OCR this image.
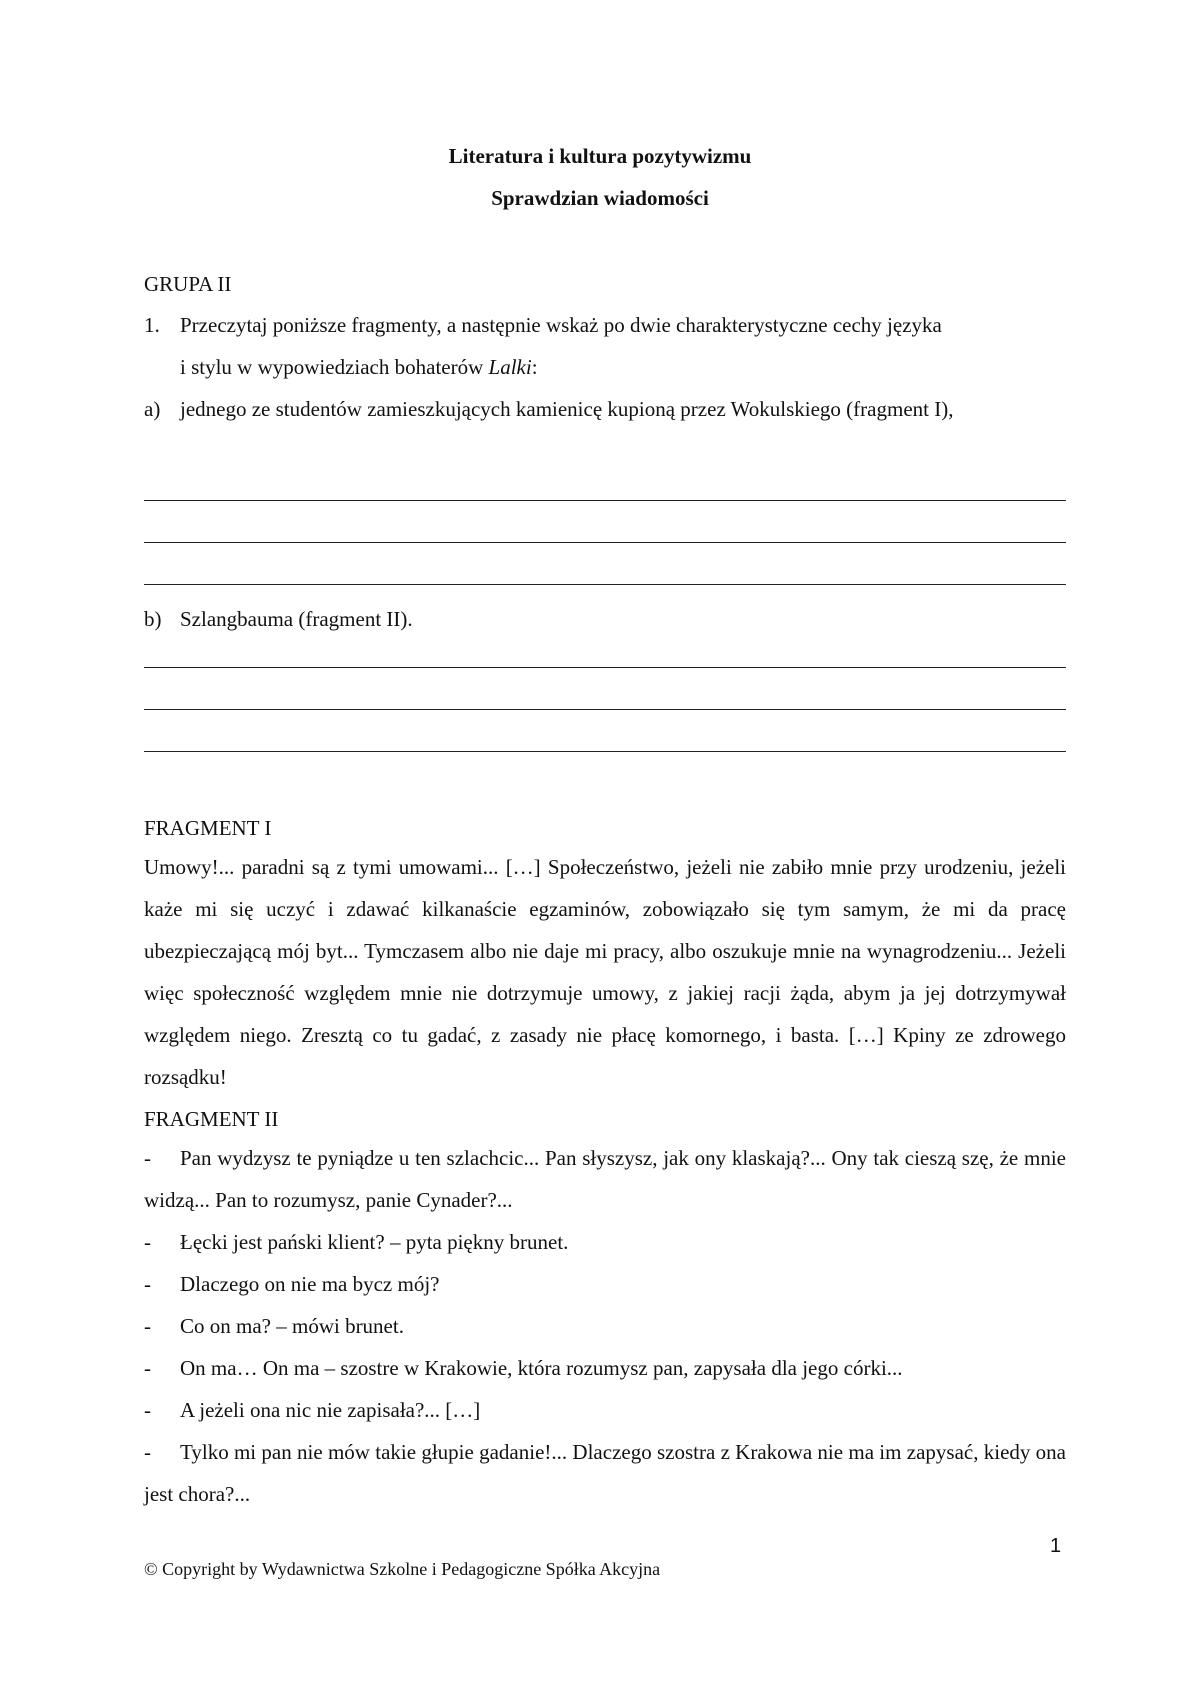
Literatura i kultura pozytywizmu
Sprawdzian wiadomości
GRUPA II
1. Przeczytaj poniższe fragmenty, a następnie wskaż po dwie charakterystyczne cechy języka
i stylu w wypowiedziach bohaterów Lalki:
a) jednego ze studentów zamieszkujących kamienicę kupioną przez Wokulskiego (fragment I),
b) Szlangbauma (fragment II).
FRAGMENT I
Umowy!... paradni są z tymi umowami... […] Społeczeństwo, jeżeli nie zabiło mnie przy urodzeniu, jeżeli każe mi się uczyć i zdawać kilkanaście egzaminów, zobowiązało się tym samym, że mi da pracę ubezpieczającą mój byt... Tymczasem albo nie daje mi pracy, albo oszukuje mnie na wynagrodzeniu... Jeżeli więc społeczność względem mnie nie dotrzymuje umowy, z jakiej racji żąda, abym ja jej dotrzymywał względem niego. Zresztą co tu gadać, z zasady nie płacę komornego, i basta. […] Kpiny ze zdrowego rozsądku!
FRAGMENT II
- Pan wydzysz te pyniądze u ten szlachcic... Pan słyszysz, jak ony klaskają?... Ony tak cieszą szę, że mnie widzą... Pan to rozumysz, panie Cynader?...
- Łęcki jest pański klient? – pyta piękny brunet.
- Dlaczego on nie ma bycz mój?
- Co on ma? – mówi brunet.
- On ma… On ma – szostre w Krakowie, która rozumysz pan, zapysała dla jego córki...
- A jeżeli ona nic nie zapisała?... […]
- Tylko mi pan nie mów takie głupie gadanie!... Dlaczego szostra z Krakowa nie ma im zapysać, kiedy ona jest chora?...
1
© Copyright by Wydawnictwa Szkolne i Pedagogiczne Spółka Akcyjna
